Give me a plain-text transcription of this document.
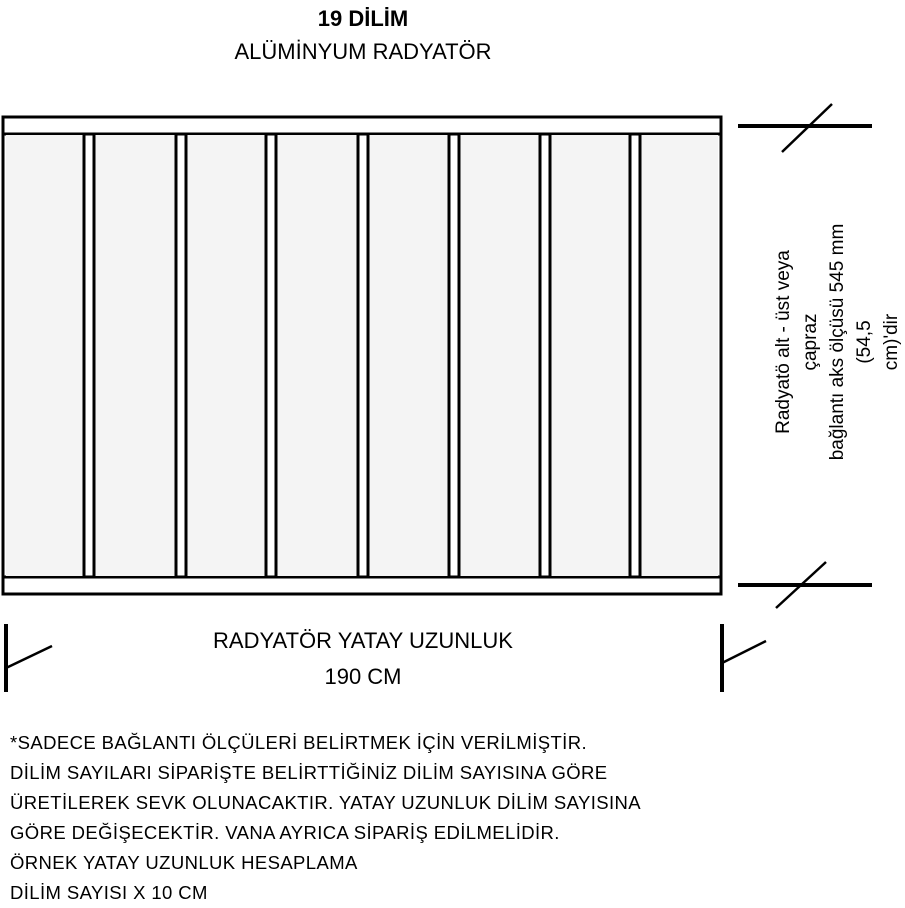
19 DİLİM
ALÜMİNYUM RADYATÖR
RADYATÖR YATAY UZUNLUK
190 CM
Radyatö alt - üst veya çapraz bağlantı aks ölçüsü 545 mm (54,5 cm)'dir
*SADECE BAĞLANTI ÖLÇÜLERİ BELİRTMEK İÇİN VERİLMİŞTİR.
DİLİM SAYILARI SİPARİŞTE BELİRTTİĞİNİZ DİLİM SAYISINA GÖRE
ÜRETİLEREK SEVK OLUNACAKTIR. YATAY UZUNLUK DİLİM SAYISINA
GÖRE DEĞİŞECEKTİR. VANA AYRICA SİPARİŞ EDİLMELİDİR.
ÖRNEK YATAY UZUNLUK HESAPLAMA
DİLİM SAYISI X 10 CM
